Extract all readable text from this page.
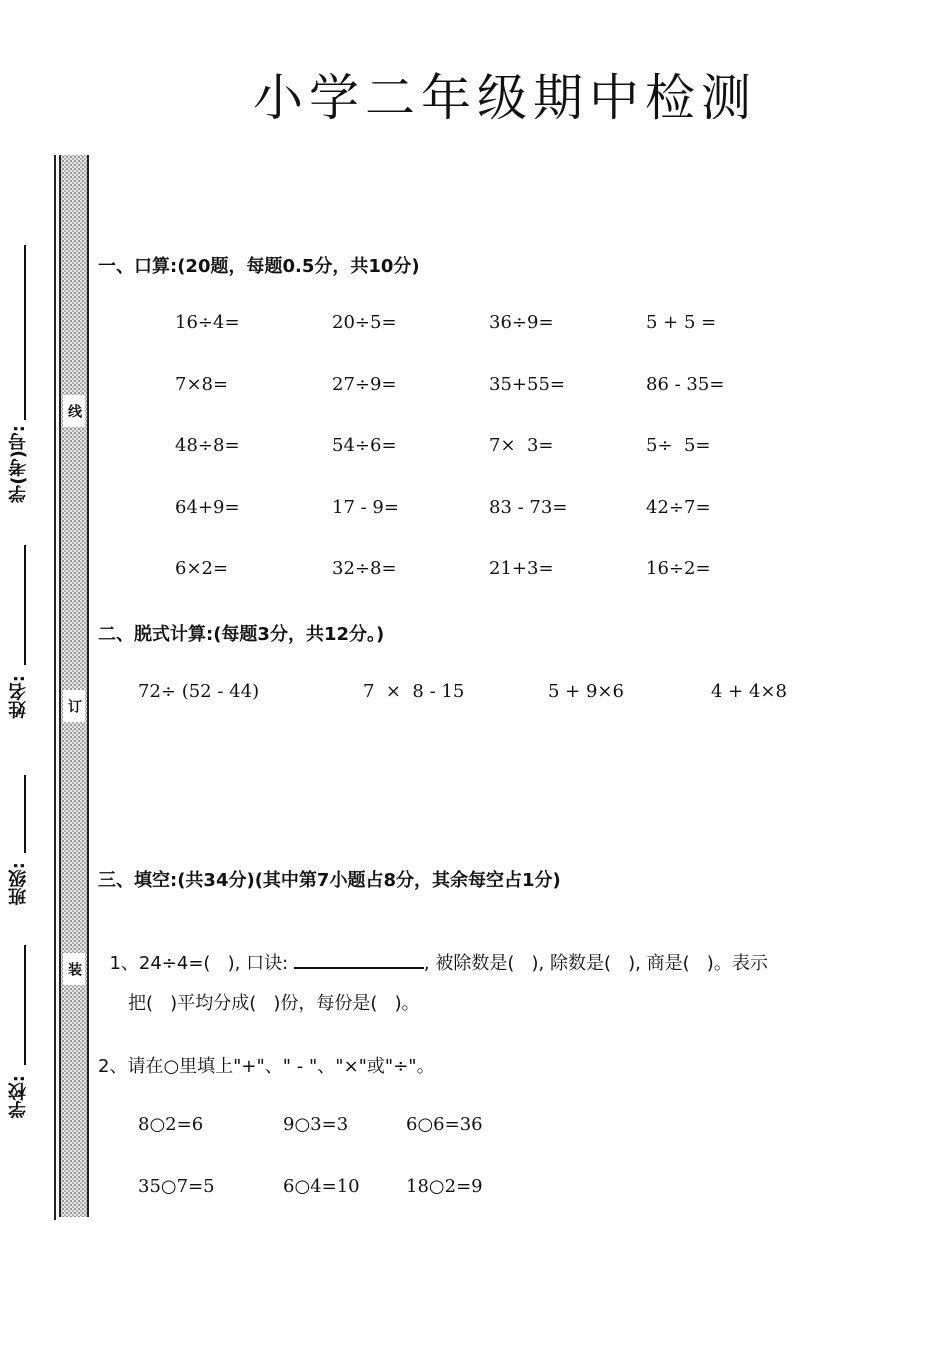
小学二年级期中检测
学(考)号:
姓名:
班级:
学校:
线
订
装
一、口算:(20题，每题0.5分，共10分)
16÷4=	20÷5=	36÷9=	5 + 5 =
7×8=	27÷9=	35+55=	86 - 35=
48÷8=	54÷6=	7×  3=	5÷  5=
64+9=	17 - 9=	83 - 73=	42÷7=
6×2=	32÷8=	21+3=	16÷2=
二、脱式计算:(每题3分，共12分。)
72÷ (52 - 44)	7  ×  8 - 15	5 + 9×6	4 + 4×8
三、填空:(共34分)(其中第7小题占8分，其余每空占1分)

1、24÷4=(   ), 口诀:	, 被除数是(   ), 除数是(   ), 商是(   )。表示

把(   )平均分成(   )份，每份是(   )。
2、请在○里填上"+"、" - "、"×"或"÷"。
8○2=6	9○3=3	6○6=36
35○7=5	6○4=10	18○2=9
